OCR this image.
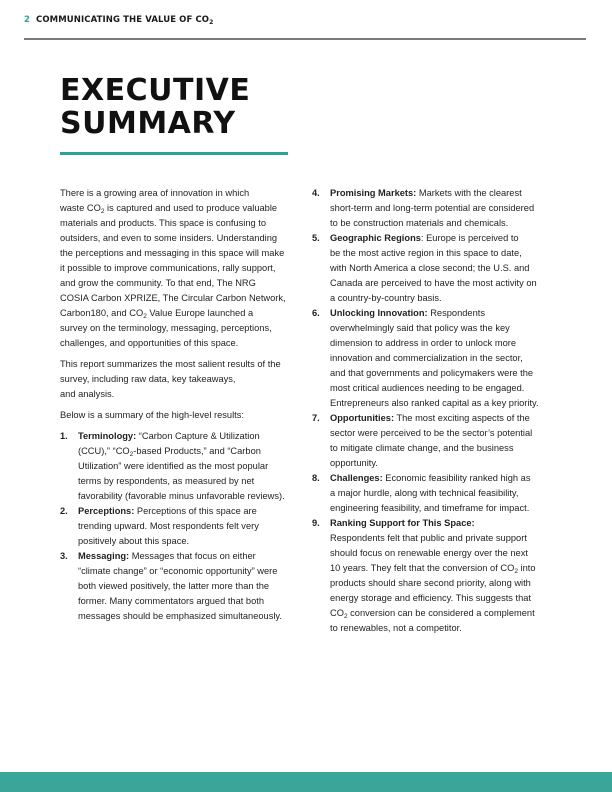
2 COMMUNICATING THE VALUE OF $CO_2$
EXECUTIVE
SUMMARY

There is a growing area of innovation in which
waste $CO_2$ is captured and used to produce valuable
materials and products. This space is confusing to
outsiders, and even to some insiders. Understanding
the perceptions and messaging in this space will make
it possible to improve communications, rally support,
and grow the community. To that end, The NRG
COSIA Carbon XPRIZE, The Circular Carbon Network,
Carbon180, and $CO_2$ Value Europe launched a
survey on the terminology, messaging, perceptions,
challenges, and opportunities of this space.

This report summarizes the most salient results of the
survey, including raw data, key takeaways,
and analysis.

Below is a summary of the high-level results:

1. Terminology: “Carbon Capture & Utilization
(CCU),” “$CO_2$-based Products,” and “Carbon
Utilization” were identified as the most popular
terms by respondents, as measured by net
favorability (favorable minus unfavorable reviews).
2. Perceptions: Perceptions of this space are
trending upward. Most respondents felt very
positively about this space.
3. Messaging: Messages that focus on either
“climate change” or “economic opportunity” were
both viewed positively, the latter more than the
former. Many commentators argued that both
messages should be emphasized simultaneously.
4. Promising Markets: Markets with the clearest
short-term and long-term potential are considered
to be construction materials and chemicals.
5. Geographic Regions: Europe is perceived to
be the most active region in this space to date,
with North America a close second; the U.S. and
Canada are perceived to have the most activity on
a country-by-country basis.
6. Unlocking Innovation: Respondents
overwhelmingly said that policy was the key
dimension to address in order to unlock more
innovation and commercialization in the sector,
and that governments and policymakers were the
most critical audiences needing to be engaged.
Entrepreneurs also ranked capital as a key priority.
7. Opportunities: The most exciting aspects of the
sector were perceived to be the sector’s potential
to mitigate climate change, and the business
opportunity.
8. Challenges: Economic feasibility ranked high as
a major hurdle, along with technical feasibility,
engineering feasibility, and timeframe for impact.
9. Ranking Support for This Space:
Respondents felt that public and private support
should focus on renewable energy over the next
10 years. They felt that the conversion of $CO_2$ into
products should share second priority, along with
energy storage and efficiency. This suggests that
$CO_2$ conversion can be considered a complement
to renewables, not a competitor.
